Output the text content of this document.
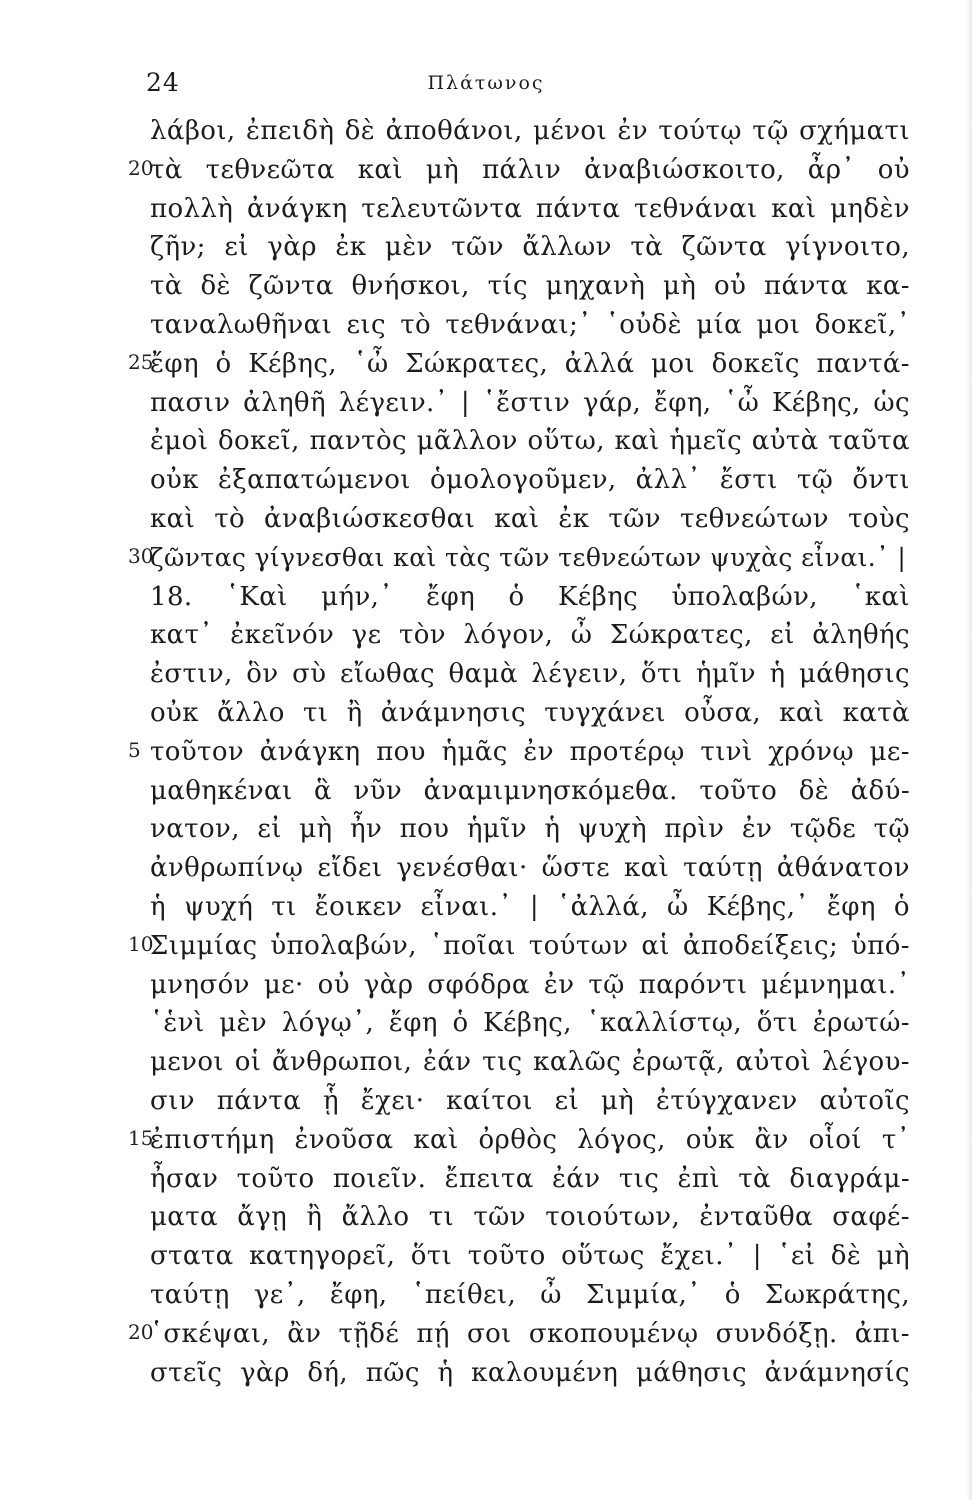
24	Πλάτωνος
λάβοι, ἐπειδὴ δὲ ἀποθάνοι, μένοι ἐν τούτῳ τῷ σχήματι
20
τὰ τεθνεῶτα καὶ μὴ πάλιν ἀναβιώσκοιτο, ἆρ᾽ οὐ
πολλὴ ἀνάγκη τελευτῶντα πάντα τεθνάναι καὶ μηδὲν
ζῆν; εἰ γὰρ ἐκ μὲν τῶν ἄλλων τὰ ζῶντα γίγνοιτο,
τὰ δὲ ζῶντα θνήσκοι, τίς μηχανὴ μὴ οὐ πάντα κα-
ταναλωθῆναι εις τὸ τεθνάναι;᾽ ῾οὐδὲ μία μοι δοκεῖ,᾽
25
ἔφη ὁ Κέβης, ῾ὦ Σώκρατες, ἀλλά μοι δοκεῖς παντά-
πασιν ἀληθῆ λέγειν.᾽ | ῾ἔστιν γάρ, ἔφη, ῾ὦ Κέβης, ὡς
ἐμοὶ δοκεῖ, παντὸς μᾶλλον οὕτω, καὶ ἡμεῖς αὐτὰ ταῦτα
οὐκ ἐξαπατώμενοι ὁμολογοῦμεν, ἀλλ᾽ ἔστι τῷ ὄντι
καὶ τὸ ἀναβιώσκεσθαι καὶ ἐκ τῶν τεθνεώτων τοὺς
30
ζῶντας γίγνεσθαι καὶ τὰς τῶν τεθνεώτων ψυχὰς εἶναι.᾽ |
18. ῾Καὶ μήν,᾽ ἔφη ὁ Κέβης ὑπολαβών, ῾καὶ
κατ᾽ ἐκεῖνόν γε τὸν λόγον, ὦ Σώκρατες, εἰ ἀληθής
ἐστιν, ὃν σὺ εἴωθας θαμὰ λέγειν, ὅτι ἡμῖν ἡ μάθησις
οὐκ ἄλλο τι ἢ ἀνάμνησις τυγχάνει οὖσα, καὶ κατὰ
5 τοῦτον ἀνάγκη που ἡμᾶς ἐν προτέρῳ τινὶ χρόνῳ με-
μαθηκέναι ἃ νῦν ἀναμιμνησκόμεθα. τοῦτο δὲ ἀδύ-
νατον, εἰ μὴ ἦν που ἡμῖν ἡ ψυχὴ πρὶν ἐν τῷδε τῷ
ἀνθρωπίνῳ εἴδει γενέσθαι· ὥστε καὶ ταύτῃ ἀθάνατον
ἡ ψυχή τι ἔοικεν εἶναι.᾽ | ῾ἀλλά, ὦ Κέβης,᾽ ἔφη ὁ
10
Σιμμίας ὑπολαβών, ῾ποῖαι τούτων αἱ ἀποδείξεις; ὑπό-
μνησόν με· οὐ γὰρ σφόδρα ἐν τῷ παρόντι μέμνημαι.᾽
῾ἑνὶ μὲν λόγῳ᾽, ἔφη ὁ Κέβης, ῾καλλίστῳ, ὅτι ἐρωτώ-
μενοι οἱ ἄνθρωποι, ἐάν τις καλῶς ἐρωτᾷ, αὐτοὶ λέγου-
σιν πάντα ᾗ ἔχει· καίτοι εἰ μὴ ἐτύγχανεν αὐτοῖς
15
ἐπιστήμη ἐνοῦσα καὶ ὀρθὸς λόγος, οὐκ ἂν οἷοί τ᾽
ἦσαν τοῦτο ποιεῖν. ἔπειτα ἐάν τις ἐπὶ τὰ διαγράμ-
ματα ἄγῃ ἢ ἄλλο τι τῶν τοιούτων, ἐνταῦθα σαφέ-
στατα κατηγορεῖ, ὅτι τοῦτο οὕτως ἔχει.᾽ | ῾εἰ δὲ μὴ
ταύτῃ γε᾽, ἔφη, ῾πείθει, ὦ Σιμμία,᾽ ὁ Σωκράτης,
20
῾σκέψαι, ἂν τῇδέ πῄ σοι σκοπουμένῳ συνδόξῃ. ἀπι-
στεῖς γὰρ δή, πῶς ἡ καλουμένη μάθησις ἀνάμνησίς
